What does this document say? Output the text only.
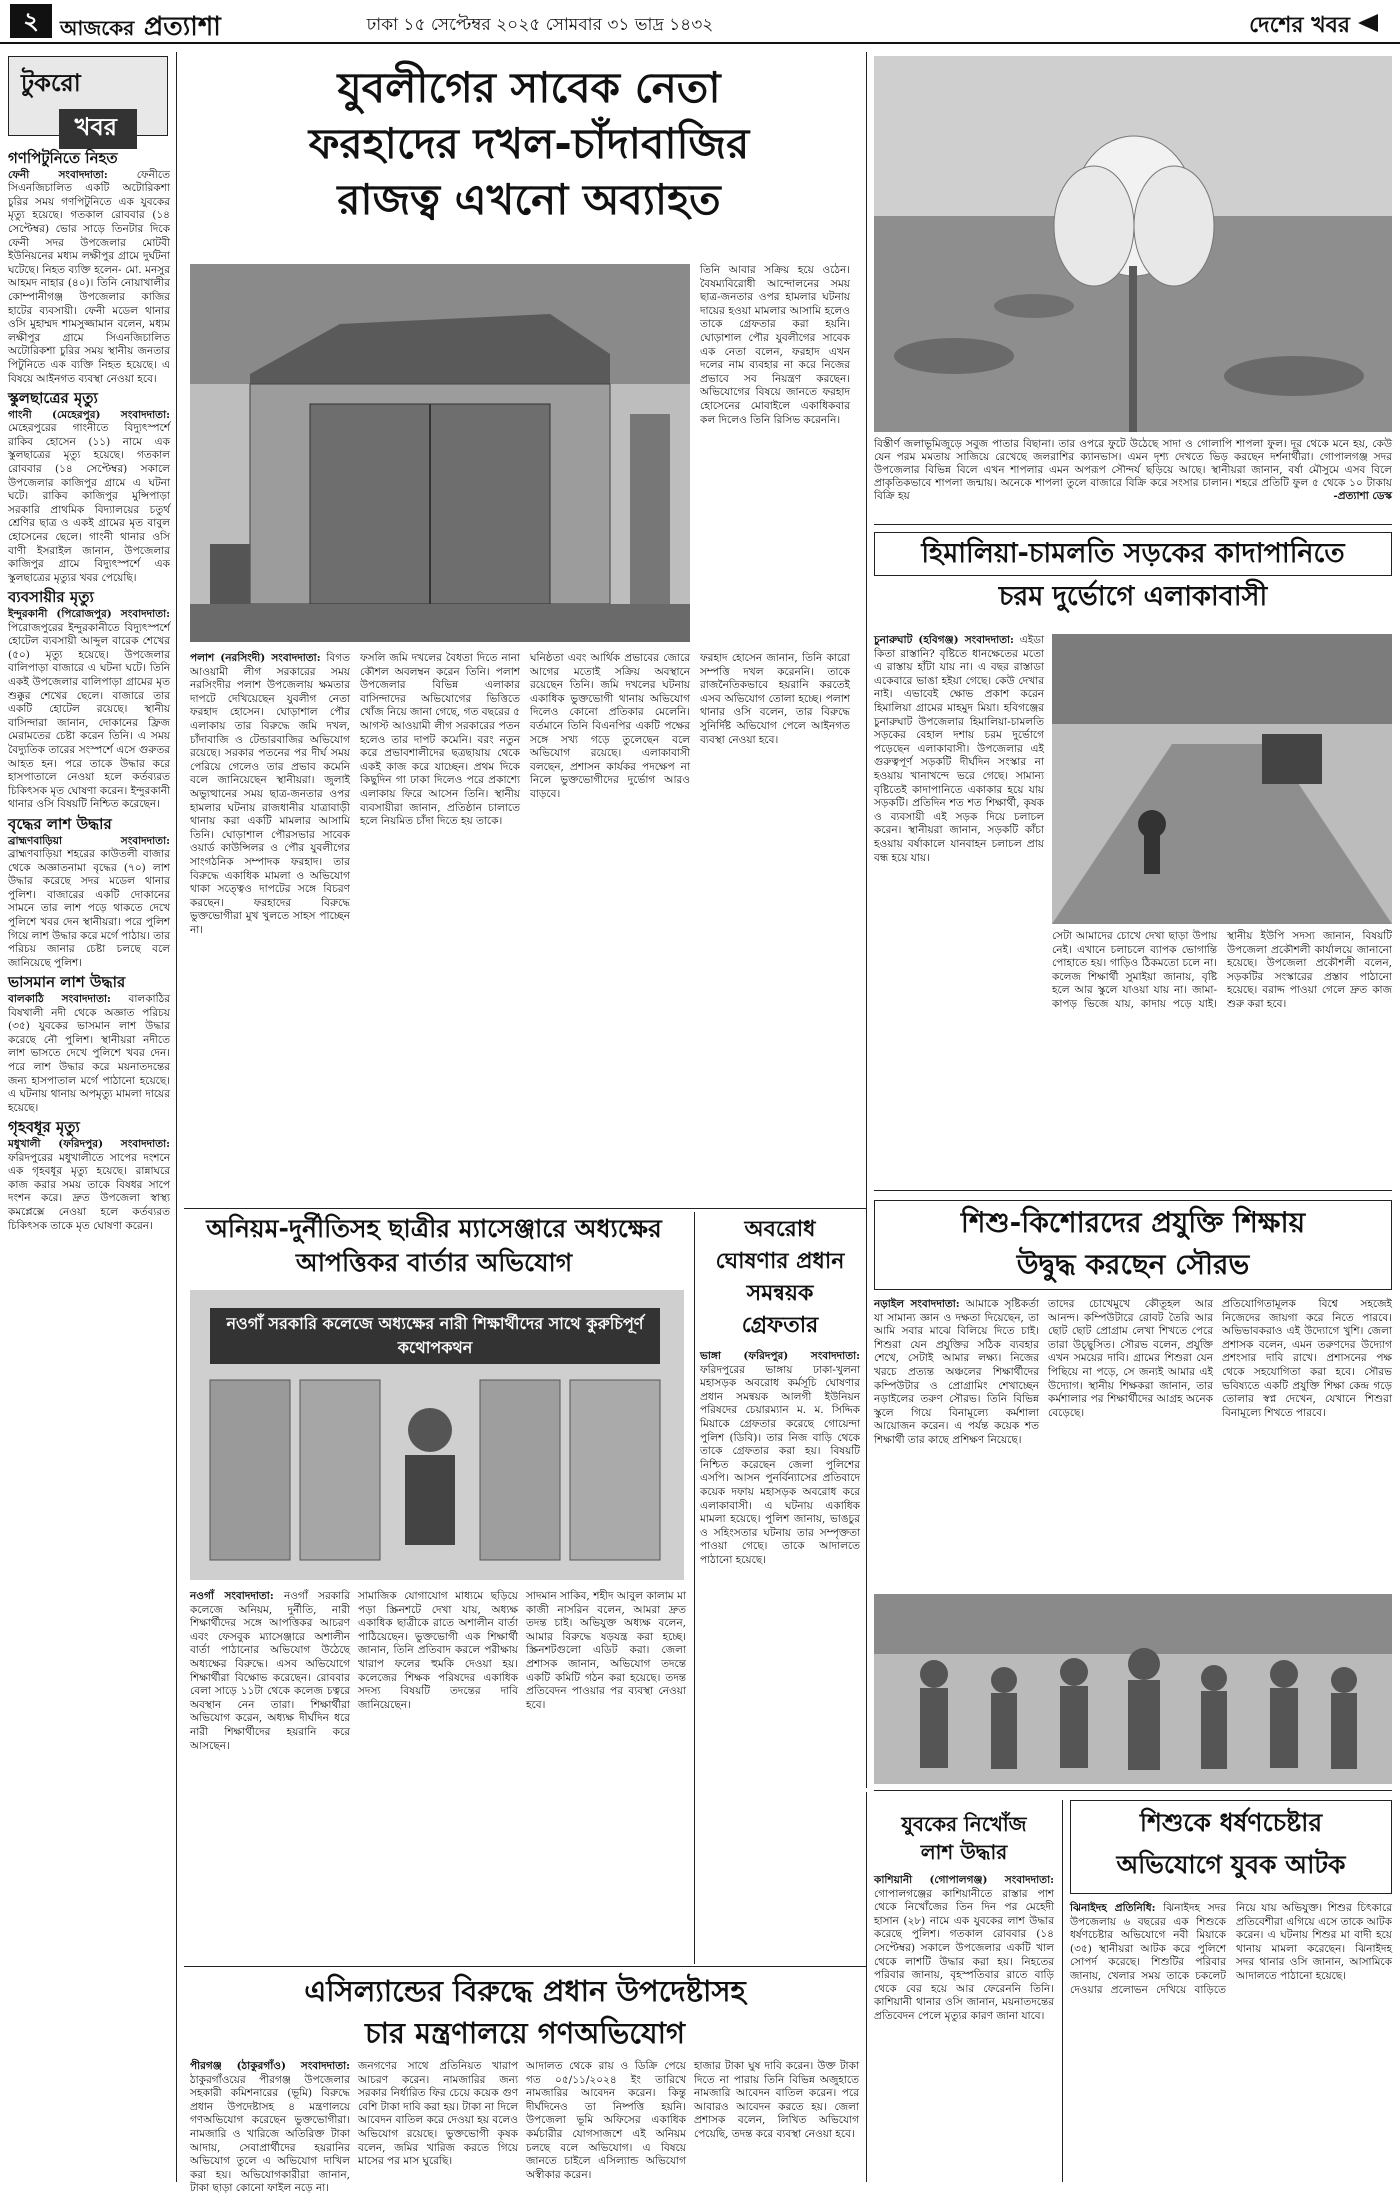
২	আজকের প্রত্যাশা	ঢাকা ১৫ সেপ্টেম্বর ২০২৫ সোমবার ৩১ ভাদ্র ১৪৩২	দেশের খবর
টুকরো
খবর
গণপিটুনিতে নিহত
ফেনী সংবাদদাতা:	ফেনীতে সিএনজিচালিত একটি অটোরিকশা চুরির সময় গণপিটুনিতে এক যুবকের মৃত্যু হয়েছে। গতকাল রোববার (১৪ সেপ্টেম্বর) ভোর সাড়ে তিনটার দিকে ফেনী সদর উপজেলার মোটবী ইউনিয়নের মধ্যম লক্ষীপুর গ্রামে দুর্ঘটনা ঘটেছে। নিহত ব্যক্তি হলেন- মো. মনসুর আহমদ নাহার (৪০)। তিনি নোয়াখালীর কোম্পানীগঞ্জ উপজেলার কাজির হাটের ব্যবসায়ী। ফেনী মডেল থানার ওসি মুহাম্মদ শামসুজ্জামান বলেন, মধ্যম লক্ষীপুর গ্রামে সিএনজিচালিত অটোরিকশা চুরির সময় স্থানীয় জনতার পিটুনিতে এক ব্যক্তি নিহত হয়েছে। এ বিষয়ে আইনগত ব্যবস্থা নেওয়া হবে।
স্কুলছাত্রের মৃত্যু
গাংনী (মেহেরপুর) সংবাদদাতা: মেহেরপুরের গাংনীতে বিদ্যুৎস্পর্শে রাকিব হোসেন (১১) নামে এক স্কুলছাত্রের মৃত্যু হয়েছে। গতকাল রোববার (১৪ সেপ্টেম্বর) সকালে উপজেলার কাজিপুর গ্রামে এ ঘটনা ঘটে। রাকিব কাজিপুর মুন্সিপাড়া সরকারি প্রাথমিক বিদ্যালয়ের চতুর্থ শ্রেণির ছাত্র ও একই গ্রামের মৃত বাবুল হোসেনের ছেলে। গাংনী থানার ওসি বাণী ইসরাইল জানান, উপজেলার কাজিপুর গ্রামে বিদ্যুৎস্পর্শে এক স্কুলছাত্রের মৃত্যুর খবর পেয়েছি।
ব্যবসায়ীর মৃত্যু
ইন্দুরকানী (পিরোজপুর) সংবাদদাতা: পিরোজপুরের ইন্দুরকানীতে বিদ্যুৎস্পর্শে হোটেল ব্যবসায়ী আব্দুল বারেক শেখের (৫০) মৃত্যু হয়েছে। উপজেলার বালিপাড়া বাজারে এ ঘটনা ঘটে। তিনি একই উপজেলার বালিপাড়া গ্রামের মৃত শুক্কুর শেখের ছেলে। বাজারে তার একটি হোটেল রয়েছে। স্থানীয় বাসিন্দারা জানান, দোকানের ফ্রিজ মেরামতের চেষ্টা করেন তিনি। এ সময় বৈদ্যুতিক তারের সংস্পর্শে এসে গুরুতর আহত হন। পরে তাকে উদ্ধার করে হাসপাতালে নেওয়া হলে কর্তব্যরত চিকিৎসক মৃত ঘোষণা করেন। ইন্দুরকানী থানার ওসি বিষয়টি নিশ্চিত করেছেন।
বৃদ্ধের লাশ উদ্ধার
ব্রাহ্মণবাড়িয়া সংবাদদাতা: ব্রাহ্মণবাড়িয়া শহরের কাউতলী বাজার থেকে অজ্ঞাতনামা বৃদ্ধের (৭০) লাশ উদ্ধার করেছে সদর মডেল থানার পুলিশ। বাজারের একটি দোকানের সামনে তার লাশ পড়ে থাকতে দেখে পুলিশে খবর দেন স্থানীয়রা। পরে পুলিশ গিয়ে লাশ উদ্ধার করে মর্গে পাঠায়। তার পরিচয় জানার চেষ্টা চলছে বলে জানিয়েছে পুলিশ।
ভাসমান লাশ উদ্ধার
বালকাঠি সংবাদদাতা: বালকাঠির বিষখালী নদী থেকে অজ্ঞাত পরিচয় (৩৫) যুবকের ভাসমান লাশ উদ্ধার করেছে নৌ পুলিশ। স্থানীয়রা নদীতে লাশ ভাসতে দেখে পুলিশে খবর দেন। পরে লাশ উদ্ধার করে ময়নাতদন্তের জন্য হাসপাতাল মর্গে পাঠানো হয়েছে। এ ঘটনায় থানায় অপমৃত্যু মামলা দায়ের হয়েছে।
গৃহবধূর মৃত্যু
মধুখালী (ফরিদপুর) সংবাদদাতা: ফরিদপুরের মধুখালীতে সাপের দংশনে এক গৃহবধূর মৃত্যু হয়েছে। রান্নাঘরে কাজ করার সময় তাকে বিষধর সাপে দংশন করে। দ্রুত উপজেলা স্বাস্থ্য কমপ্লেক্সে নেওয়া হলে কর্তব্যরত চিকিৎসক তাকে মৃত ঘোষণা করেন।
যুবলীগের সাবেক নেতা
ফরহাদের দখল-চাঁদাবাজির
রাজত্ব এখনো অব্যাহত
তিনি আবার সক্রিয় হয়ে ওঠেন। বৈষম্যবিরোধী আন্দোলনের সময় ছাত্র-জনতার ওপর হামলার ঘটনায় দায়ের হওয়া মামলার আসামি হলেও তাকে গ্রেফতার করা হয়নি। ঘোড়াশাল পৌর যুবলীগের সাবেক এক নেতা বলেন, ফরহাদ এখন দলের নাম ব্যবহার না করে নিজের প্রভাবে সব নিয়ন্ত্রণ করছেন। অভিযোগের বিষয়ে জানতে ফরহাদ হোসেনের মোবাইলে একাধিকবার কল দিলেও তিনি রিসিভ করেননি।
পলাশ (নরসিংদী) সংবাদদাতা: বিগত আওয়ামী লীগ সরকারের সময় নরসিংদীর পলাশ উপজেলায় ক্ষমতার দাপটে দেখিয়েছেন যুবলীগ নেতা ফরহাদ হোসেন। ঘোড়াশাল পৌর এলাকায় তার বিরুদ্ধে জমি দখল, চাঁদাবাজি ও টেন্ডারবাজির অভিযোগ রয়েছে। সরকার পতনের পর দীর্ঘ সময় পেরিয়ে গেলেও তার প্রভাব কমেনি বলে জানিয়েছেন স্থানীয়রা। জুলাই অভ্যুত্থানের সময় ছাত্র-জনতার ওপর হামলার ঘটনায় রাজধানীর যাত্রাবাড়ী থানায় করা একটি মামলার আসামি তিনি। ঘোড়াশাল পৌরসভার সাবেক ওয়ার্ড কাউন্সিলর ও পৌর যুবলীগের সাংগঠনিক সম্পাদক ফরহাদ। তার বিরুদ্ধে একাধিক মামলা ও অভিযোগ থাকা সত্ত্বেও দাপটের সঙ্গে বিচরণ করছেন। ফরহাদের বিরুদ্ধে ভুক্তভোগীরা মুখ খুলতে সাহস পাচ্ছেন না।
ফসলি জমি দখলের বৈধতা দিতে নানা কৌশল অবলম্বন করেন তিনি। পলাশ উপজেলার বিভিন্ন এলাকার বাসিন্দাদের অভিযোগের ভিত্তিতে খোঁজ নিয়ে জানা গেছে, গত বছরের ৫ আগস্ট আওয়ামী লীগ সরকারের পতন হলেও তার দাপট কমেনি। বরং নতুন করে প্রভাবশালীদের ছত্রছায়ায় থেকে একই কাজ করে যাচ্ছেন। প্রথম দিকে কিছুদিন গা ঢাকা দিলেও পরে প্রকাশ্যে এলাকায় ফিরে আসেন তিনি। স্থানীয় ব্যবসায়ীরা জানান, প্রতিষ্ঠান চালাতে হলে নিয়মিত চাঁদা দিতে হয় তাকে।
ঘনিষ্ঠতা এবং আর্থিক প্রভাবের জোরে আগের মতোই সক্রিয় অবস্থানে রয়েছেন তিনি। জমি দখলের ঘটনায় একাধিক ভুক্তভোগী থানায় অভিযোগ দিলেও কোনো প্রতিকার মেলেনি। বর্তমানে তিনি বিএনপির একটি পক্ষের সঙ্গে সখ্য গড়ে তুলেছেন বলে অভিযোগ রয়েছে। এলাকাবাসী বলছেন, প্রশাসন কার্যকর পদক্ষেপ না নিলে ভুক্তভোগীদের দুর্ভোগ আরও বাড়বে।
ফরহাদ হোসেন জানান, তিনি কারো সম্পত্তি দখল করেননি। তাকে রাজনৈতিকভাবে হয়রানি করতেই এসব অভিযোগ তোলা হচ্ছে। পলাশ থানার ওসি বলেন, তার বিরুদ্ধে সুনির্দিষ্ট অভিযোগ পেলে আইনগত ব্যবস্থা নেওয়া হবে।
বিস্তীর্ণ জলাভূমিজুড়ে সবুজ পাতার বিছানা। তার ওপরে ফুটে উঠেছে সাদা ও গোলাপি শাপলা ফুল। দূর থেকে মনে হয়, কেউ যেন পরম মমতায় সাজিয়ে রেখেছে জলরাশির ক্যানভাস। এমন দৃশ্য দেখতে ভিড় করছেন দর্শনার্থীরা। গোপালগঞ্জ সদর উপজেলার বিভিন্ন বিলে এখন শাপলার এমন অপরূপ সৌন্দর্য ছড়িয়ে আছে। স্থানীয়রা জানান, বর্ষা মৌসুমে এসব বিলে প্রাকৃতিকভাবে শাপলা জন্মায়। অনেকে শাপলা তুলে বাজারে বিক্রি করে সংসার চালান। শহরে প্রতিটি ফুল ৫ থেকে ১০ টাকায় বিক্রি হয়	-প্রত্যাশা ডেস্ক
হিমালিয়া-চামলতি সড়কের কাদাপানিতে
চরম দুর্ভোগে এলাকাবাসী
চুনারুঘাট (হবিগঞ্জ) সংবাদদাতা: এইডা কিতা রাস্তানি? বৃষ্টিতে ধানক্ষেতের মতো এ রাস্তায় হাঁটা যায় না। এ বছর রাস্তাডা একেবারে ভাঙা হইয়া গেছে। কেউ দেখার নাই। এভাবেই ক্ষোভ প্রকাশ করেন হিমালিয়া গ্রামের মাহমুদ মিয়া। হবিগঞ্জের চুনারুঘাট উপজেলার হিমালিয়া-চামলতি সড়কের বেহাল দশায় চরম দুর্ভোগে পড়েছেন এলাকাবাসী। উপজেলার এই গুরুত্বপূর্ণ সড়কটি দীর্ঘদিন সংস্কার না হওয়ায় খানাখন্দে ভরে গেছে। সামান্য বৃষ্টিতেই কাদাপানিতে একাকার হয়ে যায় সড়কটি। প্রতিদিন শত শত শিক্ষার্থী, কৃষক ও ব্যবসায়ী এই সড়ক দিয়ে চলাচল করেন। স্থানীয়রা জানান, সড়কটি কাঁচা হওয়ায় বর্ষাকালে যানবাহন চলাচল প্রায় বন্ধ হয়ে যায়।
সেটা আমাদের চোখে দেখা ছাড়া উপায় নেই। এখানে চলাচলে ব্যাপক ভোগান্তি পোহাতে হয়। গাড়িও ঠিকমতো চলে না। কলেজ শিক্ষার্থী সুমাইয়া জানায়, বৃষ্টি হলে আর স্কুলে যাওয়া যায় না। জামা-কাপড় ভিজে যায়, কাদায় পড়ে যাই। স্থানীয় ইউপি সদস্য জানান, বিষয়টি উপজেলা প্রকৌশলী কার্যালয়ে জানানো হয়েছে। উপজেলা প্রকৌশলী বলেন, সড়কটির সংস্কারের প্রস্তাব পাঠানো হয়েছে। বরাদ্দ পাওয়া গেলে দ্রুত কাজ শুরু করা হবে।
অনিয়ম-দুর্নীতিসহ ছাত্রীর ম্যাসেঞ্জারে অধ্যক্ষের
আপত্তিকর বার্তার অভিযোগ
নওগাঁ সরকারি কলেজে অধ্যক্ষের নারী শিক্ষার্থীদের সাথে কুরুচিপূর্ণ কথোপকথন
নওগাঁ সংবাদদাতা: নওগাঁ সরকারি কলেজে অনিয়ম, দুর্নীতি, নারী শিক্ষার্থীদের সঙ্গে আপত্তিকর আচরণ এবং ফেসবুক ম্যাসেঞ্জারে অশালীন বার্তা পাঠানোর অভিযোগ উঠেছে অধ্যক্ষের বিরুদ্ধে। এসব অভিযোগে শিক্ষার্থীরা বিক্ষোভ করেছেন। রোববার বেলা সাড়ে ১১টা থেকে কলেজ চত্বরে অবস্থান নেন তারা। শিক্ষার্থীরা অভিযোগ করেন, অধ্যক্ষ দীর্ঘদিন ধরে নারী শিক্ষার্থীদের হয়রানি করে আসছেন।
সামাজিক যোগাযোগ মাধ্যমে ছড়িয়ে পড়া স্ক্রিনশটে দেখা যায়, অধ্যক্ষ একাধিক ছাত্রীকে রাতে অশালীন বার্তা পাঠিয়েছেন। ভুক্তভোগী এক শিক্ষার্থী জানান, তিনি প্রতিবাদ করলে পরীক্ষায় খারাপ ফলের হুমকি দেওয়া হয়। কলেজের শিক্ষক পরিষদের একাধিক সদস্য বিষয়টি তদন্তের দাবি জানিয়েছেন।
সাদমান সাকিব, শহীদ আবুল কালাম মা কাজী নাসরিন বলেন, আমরা দ্রুত তদন্ত চাই। অভিযুক্ত অধ্যক্ষ বলেন, আমার বিরুদ্ধে ষড়যন্ত্র করা হচ্ছে। স্ক্রিনশটগুলো এডিট করা। জেলা প্রশাসক জানান, অভিযোগ তদন্তে একটি কমিটি গঠন করা হয়েছে। তদন্ত প্রতিবেদন পাওয়ার পর ব্যবস্থা নেওয়া হবে।
অবরোধ
ঘোষণার প্রধান
সমন্বয়ক
গ্রেফতার
ভাঙ্গা (ফরিদপুর) সংবাদদাতা: ফরিদপুরের ভাঙ্গায় ঢাকা-খুলনা মহাসড়ক অবরোধ কর্মসূচি ঘোষণার প্রধান সমন্বয়ক আলগী ইউনিয়ন পরিষদের চেয়ারম্যান ম. ম. সিদ্দিক মিয়াকে গ্রেফতার করেছে গোয়েন্দা পুলিশ (ডিবি)। তার নিজ বাড়ি থেকে তাকে গ্রেফতার করা হয়। বিষয়টি নিশ্চিত করেছেন জেলা পুলিশের এসপি। আসন পুনর্বিন্যাসের প্রতিবাদে কয়েক দফায় মহাসড়ক অবরোধ করে এলাকাবাসী। এ ঘটনায় একাধিক মামলা হয়েছে। পুলিশ জানায়, ভাঙচুর ও সহিংসতার ঘটনায় তার সম্পৃক্ততা পাওয়া গেছে। তাকে আদালতে পাঠানো হয়েছে।
শিশু-কিশোরদের প্রযুক্তি শিক্ষায়
উদ্বুদ্ধ করছেন সৌরভ
নড়াইল সংবাদদাতা: আমাকে সৃষ্টিকর্তা যা সামান্য জ্ঞান ও দক্ষতা দিয়েছেন, তা আমি সবার মাঝে বিলিয়ে দিতে চাই। শিশুরা যেন প্রযুক্তির সঠিক ব্যবহার শেখে, সেটাই আমার লক্ষ্য। নিজের খরচে প্রত্যন্ত অঞ্চলের শিক্ষার্থীদের কম্পিউটার ও প্রোগ্রামিং শেখাচ্ছেন নড়াইলের তরুণ সৌরভ। তিনি বিভিন্ন স্কুলে গিয়ে বিনামূল্যে কর্মশালা আয়োজন করেন। এ পর্যন্ত কয়েক শত শিক্ষার্থী তার কাছে প্রশিক্ষণ নিয়েছে।
তাদের চোখেমুখে কৌতূহল আর আনন্দ। কম্পিউটারে রোবট তৈরি আর ছোট ছোট প্রোগ্রাম লেখা শিখতে পেরে তারা উচ্ছ্বসিত। সৌরভ বলেন, প্রযুক্তি এখন সময়ের দাবি। গ্রামের শিশুরা যেন পিছিয়ে না পড়ে, সে জন্যই আমার এই উদ্যোগ। স্থানীয় শিক্ষকরা জানান, তার কর্মশালার পর শিক্ষার্থীদের আগ্রহ অনেক বেড়েছে।
প্রতিযোগিতামূলক বিশ্বে সহজেই নিজেদের জায়গা করে নিতে পারবে। অভিভাবকরাও এই উদ্যোগে খুশি। জেলা প্রশাসক বলেন, এমন তরুণদের উদ্যোগ প্রশংসার দাবি রাখে। প্রশাসনের পক্ষ থেকে সহযোগিতা করা হবে। সৌরভ ভবিষ্যতে একটি প্রযুক্তি শিক্ষা কেন্দ্র গড়ে তোলার স্বপ্ন দেখেন, যেখানে শিশুরা বিনামূল্যে শিখতে পারবে।
এসিল্যান্ডের বিরুদ্ধে প্রধান উপদেষ্টাসহ
চার মন্ত্রণালয়ে গণঅভিযোগ
পীরগঞ্জ (ঠাকুরগাঁও) সংবাদদাতা: ঠাকুরগাঁওয়ের পীরগঞ্জ উপজেলার সহকারী কমিশনারের (ভূমি) বিরুদ্ধে প্রধান উপদেষ্টাসহ ৪ মন্ত্রণালয়ে গণঅভিযোগ করেছেন ভুক্তভোগীরা। নামজারি ও খারিজে অতিরিক্ত টাকা আদায়, সেবাপ্রার্থীদের হয়রানির অভিযোগ তুলে এ অভিযোগ দাখিল করা হয়। অভিযোগকারীরা জানান, টাকা ছাড়া কোনো ফাইল নড়ে না।
জনগণের সাথে প্রতিনিয়ত খারাপ আচরণ করেন। নামজারির জন্য সরকার নির্ধারিত ফির চেয়ে কয়েক গুণ বেশি টাকা দাবি করা হয়। টাকা না দিলে আবেদন বাতিল করে দেওয়া হয় বলেও অভিযোগ রয়েছে। ভুক্তভোগী কৃষক বলেন, জমির খারিজ করতে গিয়ে মাসের পর মাস ঘুরেছি।
আদালত থেকে রায় ও ডিক্রি পেয়ে গত ০৫/১১/২০২৪ ইং তারিখে নামজারির আবেদন করেন। কিন্তু দীর্ঘদিনেও তা নিষ্পত্তি হয়নি। উপজেলা ভূমি অফিসের একাধিক কর্মচারীর যোগসাজশে এই অনিয়ম চলছে বলে অভিযোগ। এ বিষয়ে জানতে চাইলে এসিল্যান্ড অভিযোগ অস্বীকার করেন।
হাজার টাকা ঘুষ দাবি করেন। উক্ত টাকা দিতে না পারায় তিনি বিভিন্ন অজুহাতে নামজারি আবেদন বাতিল করেন। পরে আবারও আবেদন করতে হয়। জেলা প্রশাসক বলেন, লিখিত অভিযোগ পেয়েছি, তদন্ত করে ব্যবস্থা নেওয়া হবে।
যুবকের নিখোঁজ
লাশ উদ্ধার
কাশিয়ানী (গোপালগঞ্জ) সংবাদদাতা: গোপালগঞ্জের কাশিয়ানীতে রাস্তার পাশ থেকে নিখোঁজের তিন দিন পর মেহেদী হাসান (২৮) নামে এক যুবকের লাশ উদ্ধার করেছে পুলিশ। গতকাল রোববার (১৪ সেপ্টেম্বর) সকালে উপজেলার একটি খাল থেকে লাশটি উদ্ধার করা হয়। নিহতের পরিবার জানায়, বৃহস্পতিবার রাতে বাড়ি থেকে বের হয়ে আর ফেরেননি তিনি। কাশিয়ানী থানার ওসি জানান, ময়নাতদন্তের প্রতিবেদন পেলে মৃত্যুর কারণ জানা যাবে।
শিশুকে ধর্ষণচেষ্টার
অভিযোগে যুবক আটক
ঝিনাইদহ প্রতিনিধি: ঝিনাইদহ সদর উপজেলায় ৬ বছরের এক শিশুকে ধর্ষণচেষ্টার অভিযোগে নবী মিয়াকে (৩৫) স্থানীয়রা আটক করে পুলিশে সোপর্দ করেছে। শিশুটির পরিবার জানায়, খেলার সময় তাকে চকলেট দেওয়ার প্রলোভন দেখিয়ে বাড়িতে নিয়ে যায় অভিযুক্ত। শিশুর চিৎকারে প্রতিবেশীরা এগিয়ে এসে তাকে আটক করেন। এ ঘটনায় শিশুর মা বাদী হয়ে থানায় মামলা করেছেন। ঝিনাইদহ সদর থানার ওসি জানান, আসামিকে আদালতে পাঠানো হয়েছে।
